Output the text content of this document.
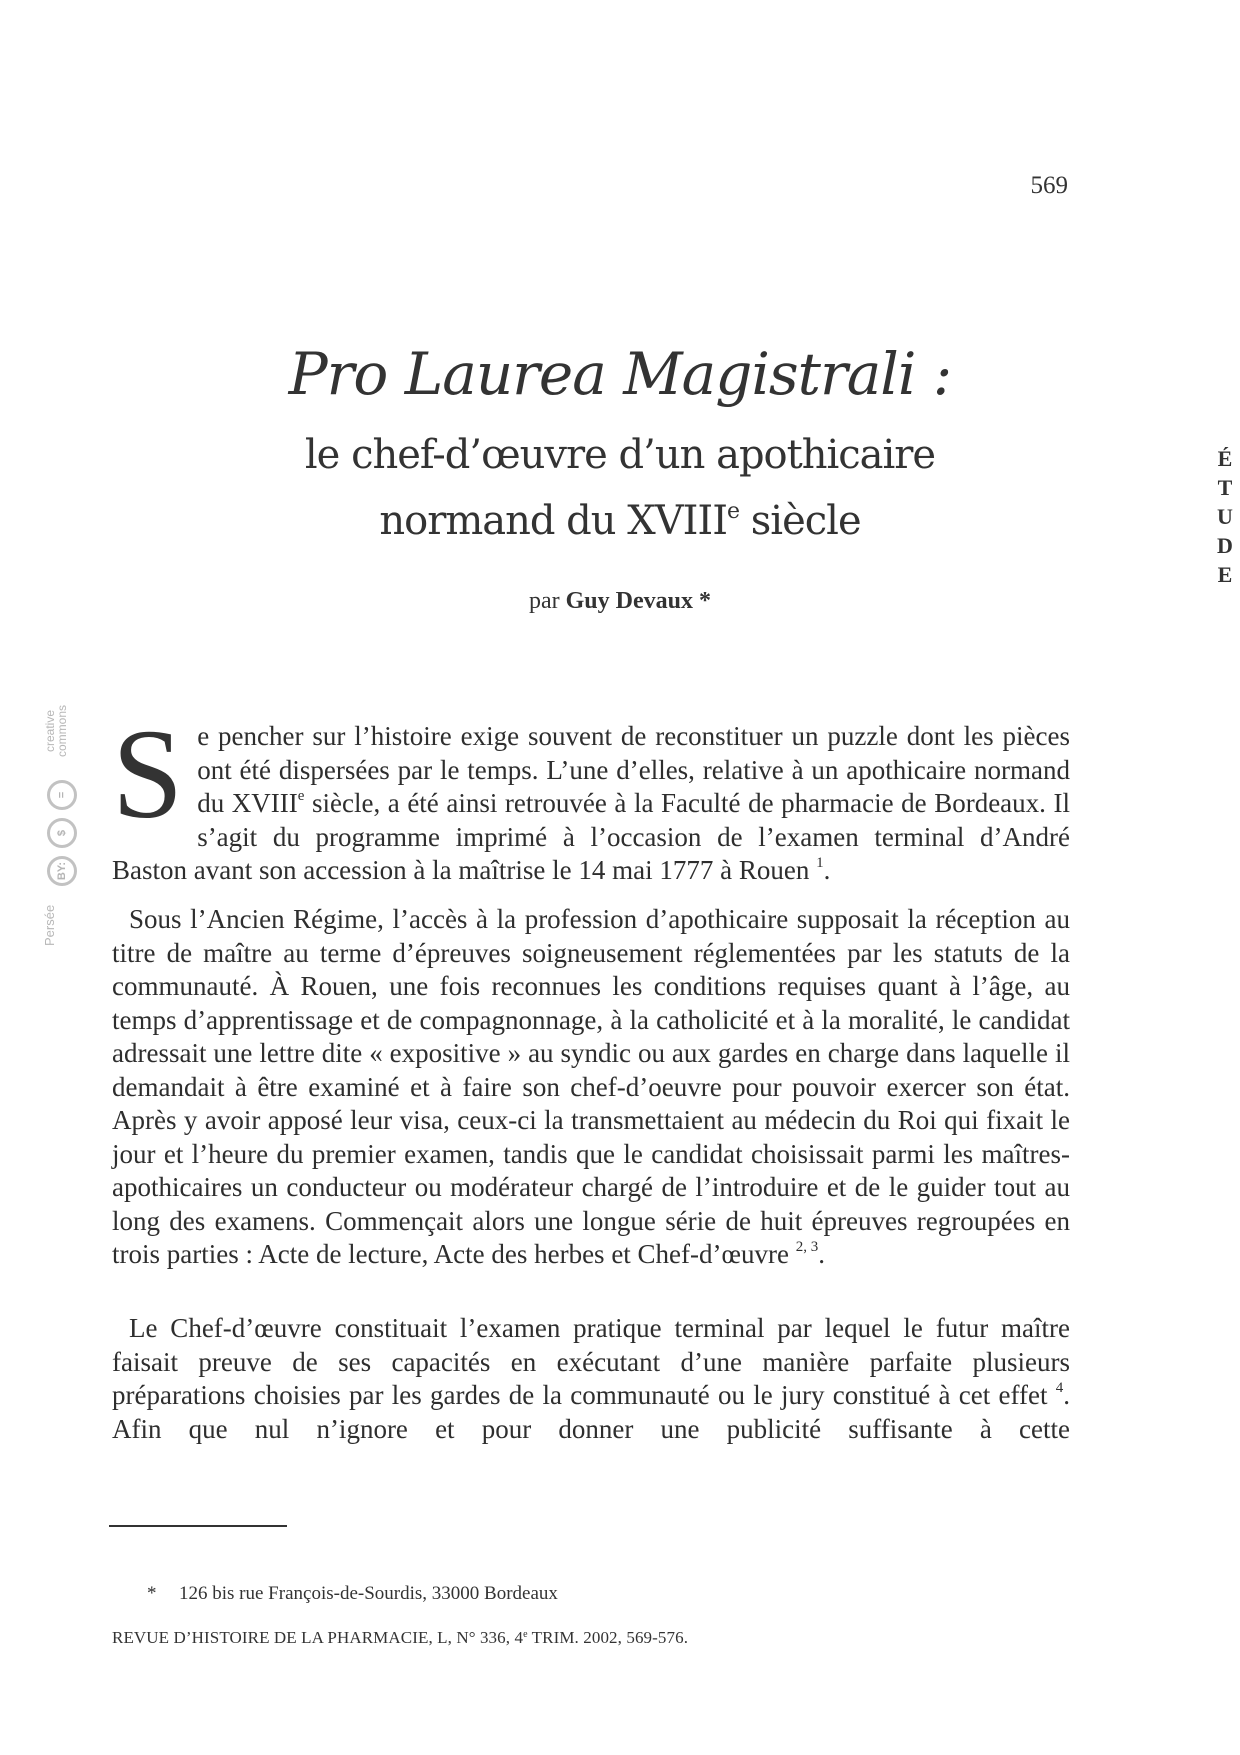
569
Pro Laurea Magistrali :
le chef-d’œuvre d’un apothicaire
normand du XVIIIe siècle
par Guy Devaux *
É
T
U
D
E
creative
commons
=
$
BY:
Persée

Se pencher sur l’histoire exige souvent de reconstituer un puzzle dont les pièces ont été dispersées par le temps. L’une d’elles, relative à un apothicaire normand du XVIIIe siècle, a été ainsi retrouvée à la Faculté de pharmacie de Bordeaux. Il s’agit du programme imprimé à l’occasion de l’examen terminal d’André Baston avant son accession à la maîtrise le 14 mai 1777 à Rouen $^1$.

Sous l’Ancien Régime, l’accès à la profession d’apothicaire supposait la réception au titre de maître au terme d’épreuves soigneusement réglementées par les statuts de la communauté. À Rouen, une fois reconnues les conditions requises quant à l’âge, au temps d’apprentissage et de compagnonnage, à la catholicité et à la moralité, le candidat adressait une lettre dite « expositive » au syndic ou aux gardes en charge dans laquelle il demandait à être examiné et à faire son chef-d’oeuvre pour pouvoir exercer son état. Après y avoir apposé leur visa, ceux-ci la transmettaient au médecin du Roi qui fixait le jour et l’heure du premier examen, tandis que le candidat choisissait parmi les maîtres-apothicaires un conducteur ou modérateur chargé de l’introduire et de le guider tout au long des examens. Commençait alors une longue série de huit épreuves regroupées en trois parties : Acte de lecture, Acte des herbes et Chef-d’œuvre $^{2, 3}$.

Le Chef-d’œuvre constituait l’examen pratique terminal par lequel le futur maître faisait preuve de ses capacités en exécutant d’une manière parfaite plusieurs préparations choisies par les gardes de la communauté ou le jury constitué à cet effet $^4$. Afin que nul n’ignore et pour donner une publicité suffisante à cette

* 126 bis rue François-de-Sourdis, 33000 Bordeaux
REVUE D’HISTOIRE DE LA PHARMACIE, L, N° 336, 4e TRIM. 2002, 569-576.
